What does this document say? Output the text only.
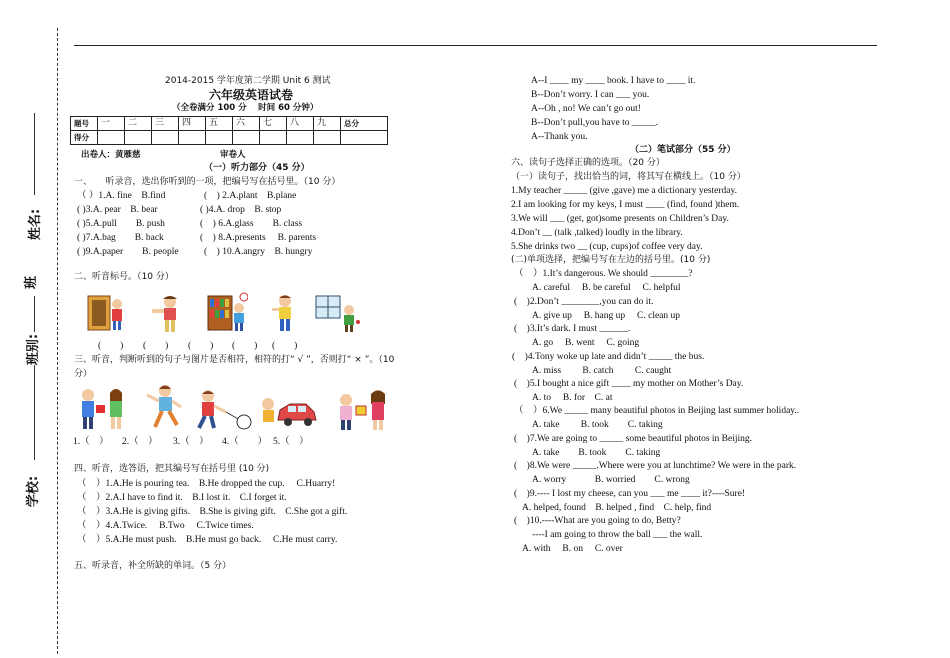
学校:
班别:
班
姓名:
2014-2015 学年度第二学期 Unit 6 测试
六年级英语试卷
（全卷满分 100 分　 时间 60 分钟）
题号	一	二	三	四	五	六	七	八	九	总分
得分										
出卷人：黄雁慈	审卷人
（一）听力部分（45 分）
一、　　听录音，选出你听到的一项，把编号写在括号里。（10 分）
（ ）1.A. fine　B.find	(　) 2.A.plant　B.plane
( )3.A. pear　B. bear	( )4.A. drop　B. stop
( )5.A.pull　　B. push	(　) 6.A.glass　　B. class
( )7.A.bag　　B. back	(　) 8.A.presents　 B. parents
( )9.A.paper　　B. people	(　) 10.A.angry　B. hungry
二、听音标号。（10 分）
(　　) (　　) (　　) (　　) (　　)
三、听音，判断听到的句子与图片是否相符，相符的打“ √ ”，否则打“ × ”。（10
分）
1.（　） 2.（　） 3.（　） 4.（　　） 5.（　）
四、听音，选答语，把其编号写在括号里 (10 分)
（　）1.A.He is pouring tea.　B.He dropped the cup.　 C.Huarry!
（　）2.A.I have to find it.　B.I lost it.　C.I forget it.
（　）3.A.He is giving gifts.　B.She is giving gift.　C.She got a gift.
（　）4.A.Twice.　 B.Two　 C.Twice times.
（　）5.A.He must push.　B.He must go back.　 C.He must carry.
五、听录音，补全所缺的单词。（5 分）
A--I ____ my ____ book. I have to ____ it.
B--Don’t worry. I can ___ you.
A--Oh , no! We can’t go out!
B--Don’t pull,you have to _____.
A--Thank you.
（二）笔试部分（55 分）
六、读句子选择正确的选项。（20 分）
（一）读句子，找出恰当的词，将其写在横线上。（10 分）
1.My teacher _____ (give ,gave) me a dictionary yesterday.
2.I am looking for my keys, I must ____ (find, found )them.
3.We will ___ (get, got)some presents on Children’s Day.
4.Don’t __ (talk ,talked) loudly in the library.
5.She drinks two __ (cup, cups)of coffee very day.
(二)单项选择，把编号写在左边的括号里。(10 分)
（　）1.It’s dangerous. We should ________?
A. careful　 B. be careful　 C. helpful
(　)2.Don’t ________,you can do it.
A. give up　 B. hang up　 C. clean up
(　)3.It’s dark. I must ______.
A. go　 B. went　 C. going
(　)4.Tony woke up late and didn’t _____ the bus.
A. miss　　 B. catch　　 C. caught
(　)5.I bought a nice gift ____ my mother on Mother’s Day.
A. to　 B. for　C. at
（　）6.We _____ many beautiful photos in Beijing last summer holiday..
A. take　　 B. took　　C. taking
(　)7.We are going to _____ some beautiful photos in Beijing.
A. take　　B. took　　C. taking
(　)8.We were _____.Where were you at lunchtime? We were in the park.
A. worry　　　B. worried　　C. wrong
(　)9.---- I lost my cheese, can you ___ me ____ it?----Sure!
A. helped, found　B. helped , find　C. help, find
(　)10.----What are you going to do, Betty?
----I am going to throw the ball ___ the wall.
A. with　 B. on　 C. over
